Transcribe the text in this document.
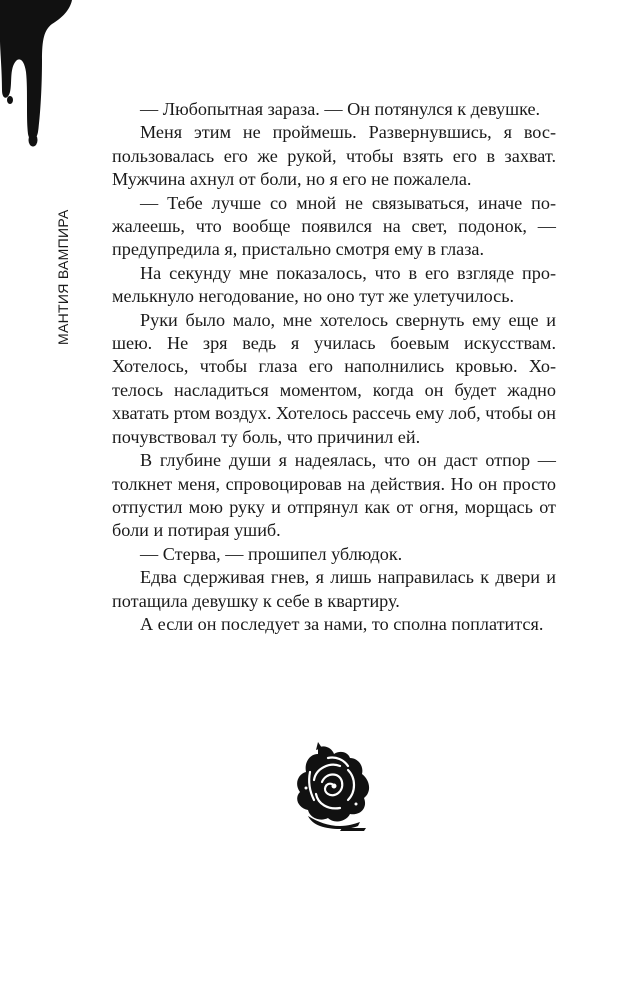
МАНТИЯ ВАМПИРА

— Любопытная зараза. — Он потянулся к девушке.

Меня этим не проймешь. Развернувшись, я воспользовалась его же рукой, чтобы взять его в захват. Мужчина ахнул от боли, но я его не пожалела.

— Тебе лучше со мной не связываться, иначе пожалеешь, что вообще появился на свет, подонок, — предупредила я, пристально смотря ему в глаза.

На секунду мне показалось, что в его взгляде промелькнуло негодование, но оно тут же улетучилось.

Руки было мало, мне хотелось свернуть ему еще и шею. Не зря ведь я училась боевым искусствам. Хотелось, чтобы глаза его наполнились кровью. Хотелось насладиться моментом, когда он будет жадно хватать ртом воздух. Хотелось рассечь ему лоб, чтобы он почувствовал ту боль, что причинил ей.

В глубине души я надеялась, что он даст отпор — толкнет меня, спровоцировав на действия. Но он просто отпустил мою руку и отпрянул как от огня, морщась от боли и потирая ушиб.

— Стерва, — прошипел ублюдок.

Едва сдерживая гнев, я лишь направилась к двери и потащила девушку к себе в квартиру.

А если он последует за нами, то сполна поплатится.
